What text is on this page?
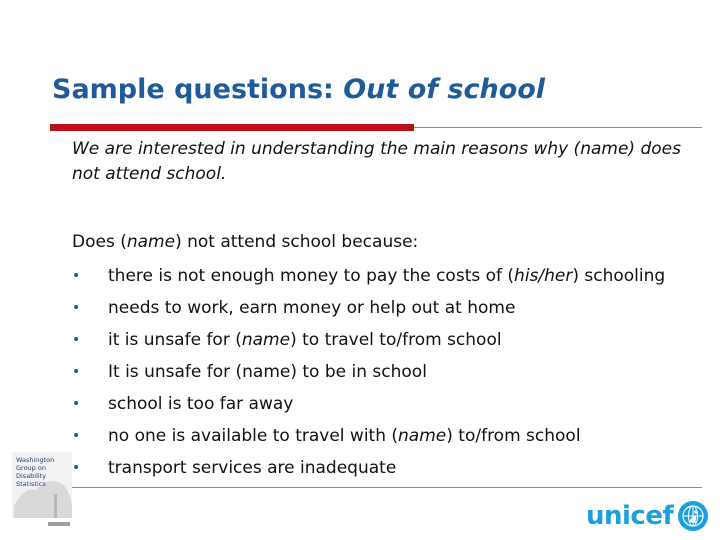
Sample questions: Out of school

We are interested in understanding the main reasons why (name) does not attend school.

Does (name) not attend school because:

• there is not enough money to pay the costs of (his/her) schooling
• needs to work, earn money or help out at home
• it is unsafe for (name) to travel to/from school
• It is unsafe for (name) to be in school
• school is too far away
• no one is available to travel with (name) to/from school
• transport services are inadequate
Washington
Group on
Disability
Statistics
unicef
